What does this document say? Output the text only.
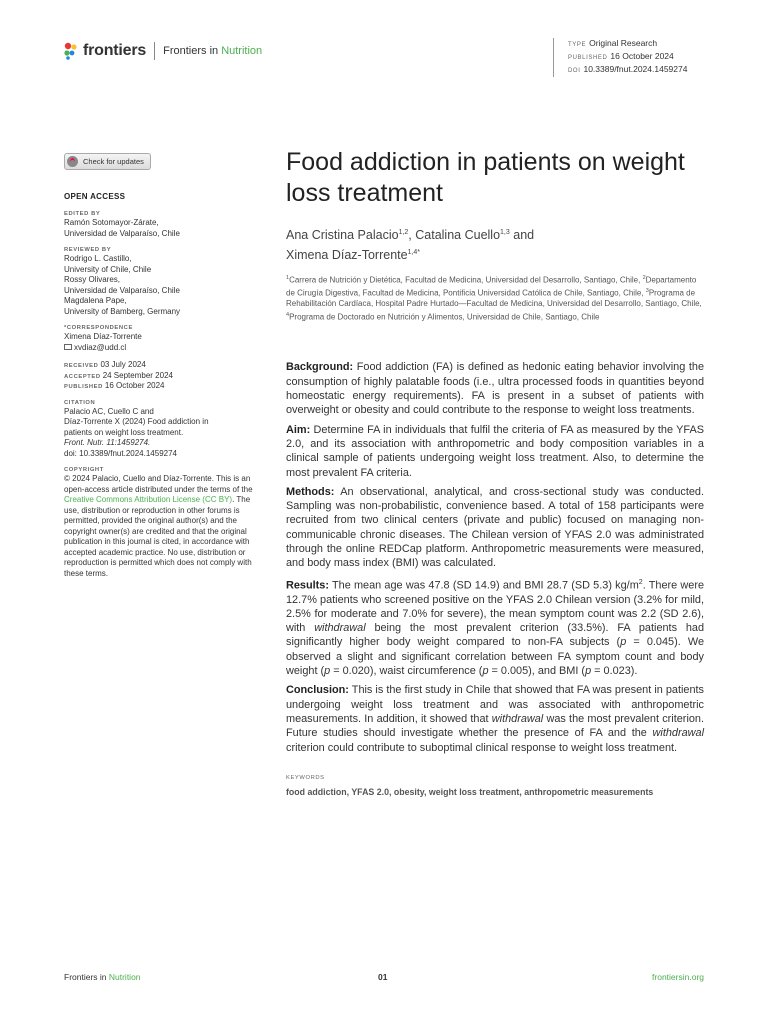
frontiers Frontiers in Nutrition	TYPE Original Research
PUBLISHED 16 October 2024
DOI 10.3389/fnut.2024.1459274
Check for updates
OPEN ACCESS
EDITED BY
Ramón Sotomayor-Zárate,
Universidad de Valparaíso, Chile
REVIEWED BY
Rodrigo L. Castillo,
University of Chile, Chile
Rossy Olivares,
Universidad de Valparaíso, Chile
Magdalena Pape,
University of Bamberg, Germany
*CORRESPONDENCE
Ximena Díaz-Torrente
xvdiaz@udd.cl
RECEIVED 03 July 2024
ACCEPTED 24 September 2024
PUBLISHED 16 October 2024
CITATION
Palacio AC, Cuello C and
Díaz-Torrente X (2024) Food addiction in
patients on weight loss treatment.
Front. Nutr. 11:1459274.
doi: 10.3389/fnut.2024.1459274
COPYRIGHT
© 2024 Palacio, Cuello and Díaz-Torrente. This is an open-access article distributed under the terms of the Creative Commons Attribution License (CC BY). The use, distribution or reproduction in other forums is permitted, provided the original author(s) and the copyright owner(s) are credited and that the original publication in this journal is cited, in accordance with accepted academic practice. No use, distribution or reproduction is permitted which does not comply with these terms.
Food addiction in patients on weight loss treatment
Ana Cristina Palacio$^{1,2}$, Catalina Cuello$^{1,3}$ and
Ximena Díaz-Torrente$^{1,4*}$
$^1$Carrera de Nutrición y Dietética, Facultad de Medicina, Universidad del Desarrollo, Santiago, Chile, $^2$Departamento de Cirugía Digestiva, Facultad de Medicina, Pontificia Universidad Católica de Chile, Santiago, Chile, $^3$Programa de Rehabilitación Cardíaca, Hospital Padre Hurtado—Facultad de Medicina, Universidad del Desarrollo, Santiago, Chile, $^4$Programa de Doctorado en Nutrición y Alimentos, Universidad de Chile, Santiago, Chile

Background: Food addiction (FA) is defined as hedonic eating behavior involving the consumption of highly palatable foods (i.e., ultra processed foods in quantities beyond homeostatic energy requirements). FA is present in a subset of patients with overweight or obesity and could contribute to the response to weight loss treatments.

Aim: Determine FA in individuals that fulfil the criteria of FA as measured by the YFAS 2.0, and its association with anthropometric and body composition variables in a clinical sample of patients undergoing weight loss treatment. Also, to determine the most prevalent FA criteria.

Methods: An observational, analytical, and cross-sectional study was conducted. Sampling was non-probabilistic, convenience based. A total of 158 participants were recruited from two clinical centers (private and public) focused on managing non-communicable chronic diseases. The Chilean version of YFAS 2.0 was administrated through the online REDCap platform. Anthropometric measurements were measured, and body mass index (BMI) was calculated.

Results: The mean age was 47.8 (SD 14.9) and BMI 28.7 (SD 5.3) $kg/m^2$. There were 12.7% patients who screened positive on the YFAS 2.0 Chilean version (3.2% for mild, 2.5% for moderate and 7.0% for severe), the mean symptom count was 2.2 (SD 2.6), with withdrawal being the most prevalent criterion (33.5%). FA patients had significantly higher body weight compared to non-FA subjects (p = 0.045). We observed a slight and significant correlation between FA symptom count and body weight (p = 0.020), waist circumference (p = 0.005), and BMI (p = 0.023).

Conclusion: This is the first study in Chile that showed that FA was present in patients undergoing weight loss treatment and was associated with anthropometric measurements. In addition, it showed that withdrawal was the most prevalent criterion. Future studies should investigate whether the presence of FA and the withdrawal criterion could contribute to suboptimal clinical response to weight loss treatment.

KEYWORDS
food addiction, YFAS 2.0, obesity, weight loss treatment, anthropometric measurements
Frontiers in Nutrition	01	frontiersin.org
